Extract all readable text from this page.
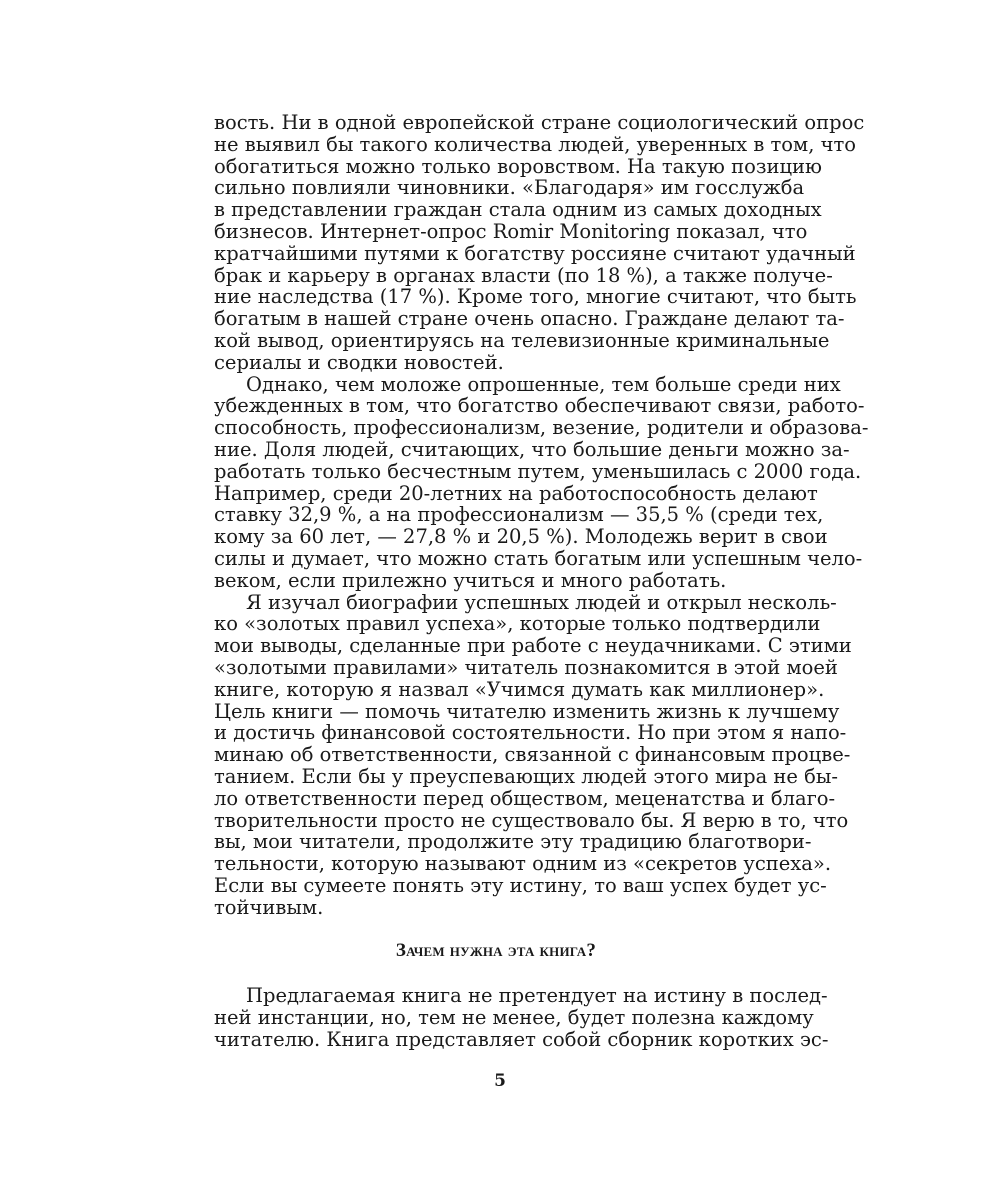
вость. Ни в одной европейской стране социологический опрос
не выявил бы такого количества людей, уверенных в том, что
обогатиться можно только воровством. На такую позицию
сильно повлияли чиновники. «Благодаря» им госслужба
в представлении граждан стала одним из самых доходных
бизнесов. Интернет-опрос Romir Monitoring показал, что
кратчайшими путями к богатству россияне считают удачный
брак и карьеру в органах власти (по 18 %), а также получе-
ние наследства (17 %). Кроме того, многие считают, что быть
богатым в нашей стране очень опасно. Граждане делают та-
кой вывод, ориентируясь на телевизионные криминальные
сериалы и сводки новостей.
Однако, чем моложе опрошенные, тем больше среди них
убежденных в том, что богатство обеспечивают связи, работо-
способность, профессионализм, везение, родители и образова-
ние. Доля людей, считающих, что большие деньги можно за-
работать только бесчестным путем, уменьшилась с 2000 года.
Например, среди 20-летних на работоспособность делают
ставку 32,9 %, а на профессионализм — 35,5 % (среди тех,
кому за 60 лет, — 27,8 % и 20,5 %). Молодежь верит в свои
силы и думает, что можно стать богатым или успешным чело-
веком, если прилежно учиться и много работать.
Я изучал биографии успешных людей и открыл несколь-
ко «золотых правил успеха», которые только подтвердили
мои выводы, сделанные при работе с неудачниками. С этими
«золотыми правилами» читатель познакомится в этой моей
книге, которую я назвал «Учимся думать как миллионер».
Цель книги — помочь читателю изменить жизнь к лучшему
и достичь финансовой состоятельности. Но при этом я напо-
минаю об ответственности, связанной с финансовым процве-
танием. Если бы у преуспевающих людей этого мира не бы-
ло ответственности перед обществом, меценатства и благо-
творительности просто не существовало бы. Я верю в то, что
вы, мои читатели, продолжите эту традицию благотвори-
тельности, которую называют одним из «секретов успеха».
Если вы сумеете понять эту истину, то ваш успех будет ус-
тойчивым.
Зачем нужна эта книга?
Предлагаемая книга не претендует на истину в послед-
ней инстанции, но, тем не менее, будет полезна каждому
читателю. Книга представляет собой сборник коротких эс-
5
